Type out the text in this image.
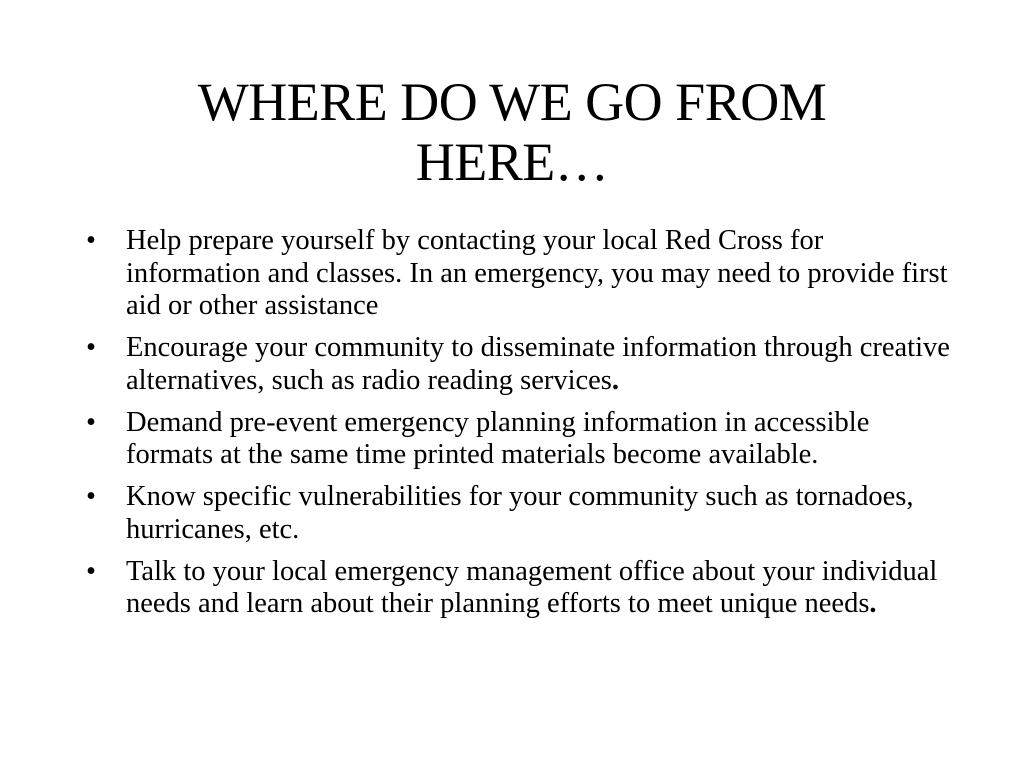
WHERE DO WE GO FROM HERE…
•	Help prepare yourself by contacting your local Red Cross for information and classes. In an emergency, you may need to provide first aid or other assistance
•	Encourage your community to disseminate information through creative alternatives, such as radio reading services.
•	Demand pre-event emergency planning information in accessible formats at the same time printed materials become available.
•	Know specific vulnerabilities for your community such as tornadoes, hurricanes, etc.
•	Talk to your local emergency management office about your individual needs and learn about their planning efforts to meet unique needs.
